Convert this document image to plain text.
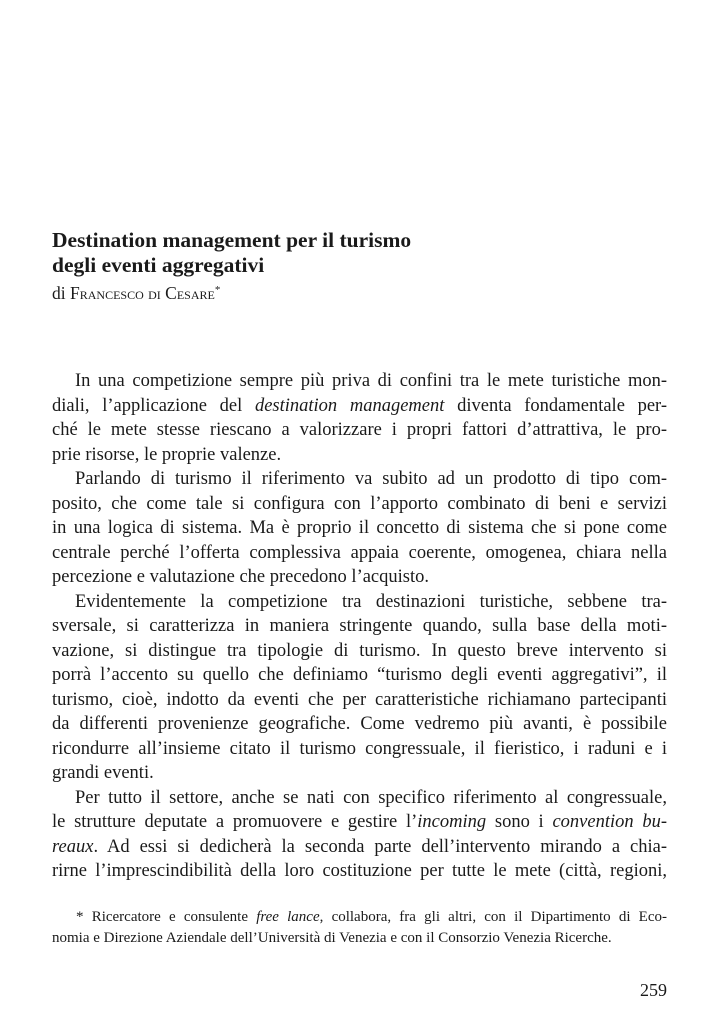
Destination management per il turismo
degli eventi aggregativi
di Francesco di Cesare*

In una competizione sempre più priva di confini tra le mete turistiche mon-
diali, l’applicazione del destination management diventa fondamentale per-
ché le mete stesse riescano a valorizzare i propri fattori d’attrattiva, le pro-
prie risorse, le proprie valenze.

Parlando di turismo il riferimento va subito ad un prodotto di tipo com-
posito, che come tale si configura con l’apporto combinato di beni e servizi
in una logica di sistema. Ma è proprio il concetto di sistema che si pone come
centrale perché l’offerta complessiva appaia coerente, omogenea, chiara nella
percezione e valutazione che precedono l’acquisto.

Evidentemente la competizione tra destinazioni turistiche, sebbene tra-
sversale, si caratterizza in maniera stringente quando, sulla base della moti-
vazione, si distingue tra tipologie di turismo. In questo breve intervento si
porrà l’accento su quello che definiamo “turismo degli eventi aggregativi”, il
turismo, cioè, indotto da eventi che per caratteristiche richiamano partecipanti
da differenti provenienze geografiche. Come vedremo più avanti, è possibile
ricondurre all’insieme citato il turismo congressuale, il fieristico, i raduni e i
grandi eventi.

Per tutto il settore, anche se nati con specifico riferimento al congressuale,
le strutture deputate a promuovere e gestire l’incoming sono i convention bu-
reaux. Ad essi si dedicherà la seconda parte dell’intervento mirando a chia-
rirne l’imprescindibilità della loro costituzione per tutte le mete (città, regioni,

* Ricercatore e consulente free lance, collabora, fra gli altri, con il Dipartimento di Eco-
nomia e Direzione Aziendale dell’Università di Venezia e con il Consorzio Venezia Ricerche.
259
